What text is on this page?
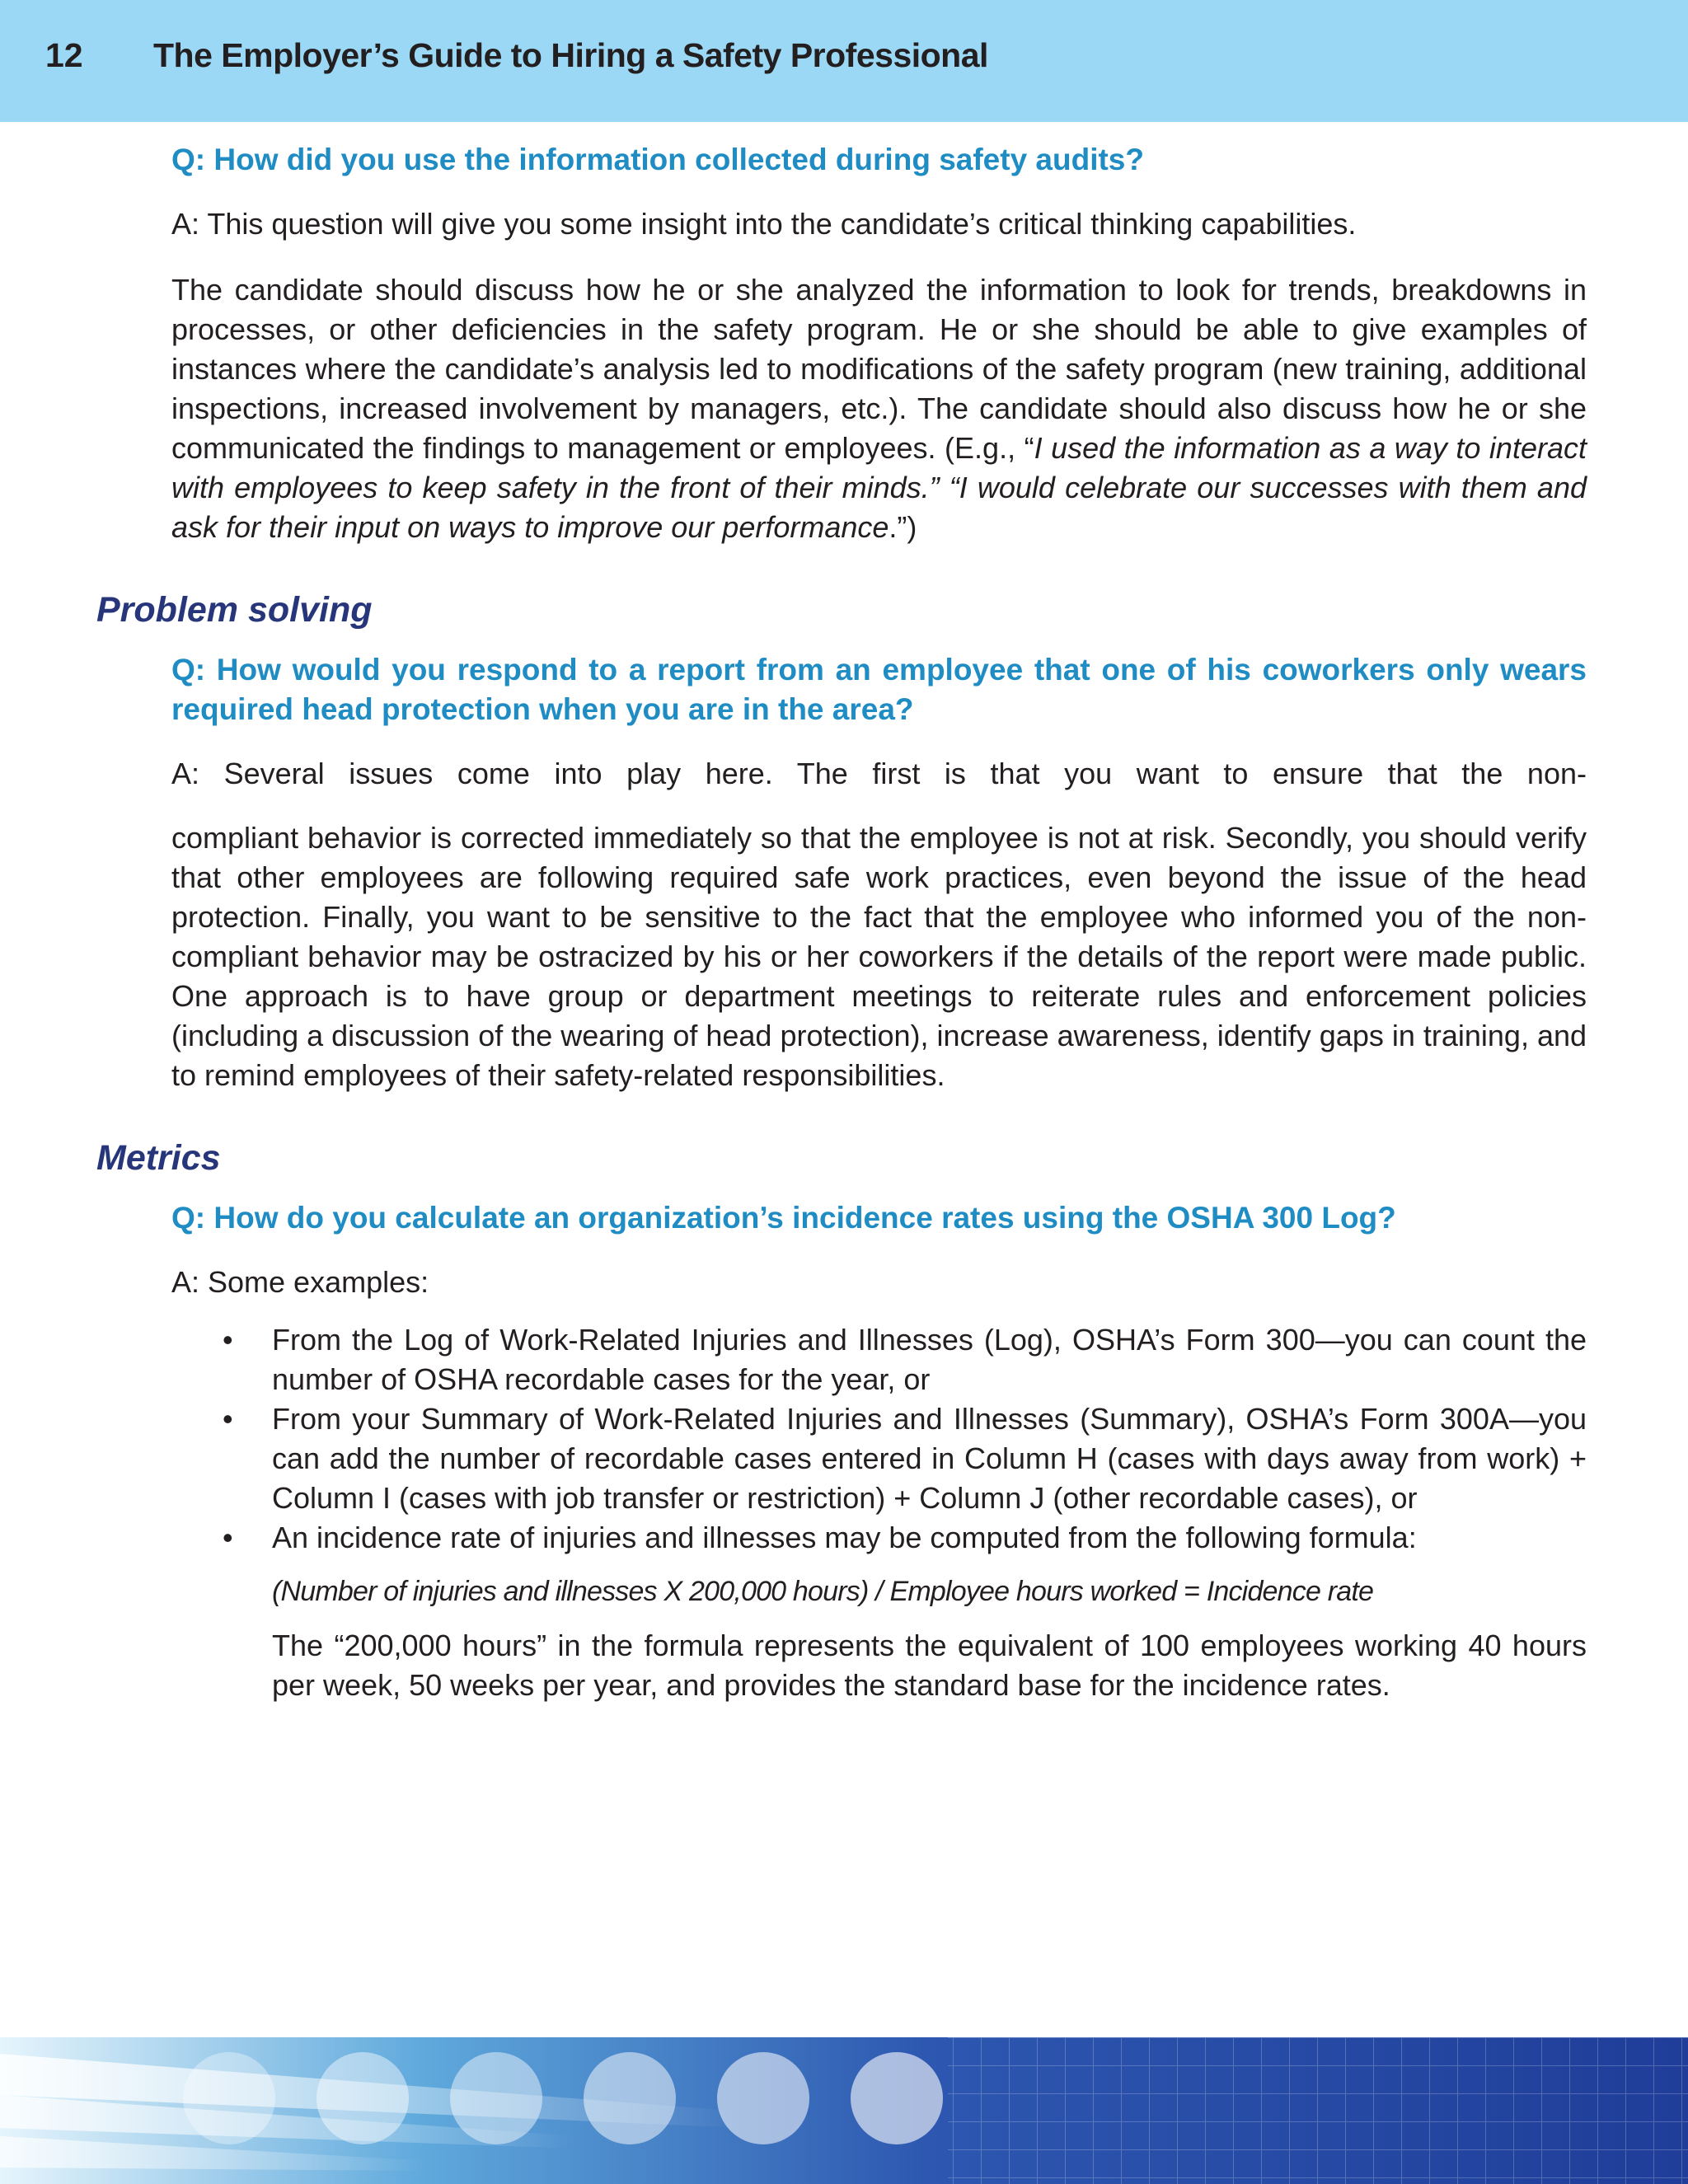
12 The Employer’s Guide to Hiring a Safety Professional

Q: How did you use the information collected during safety audits?

A: This question will give you some insight into the candidate’s critical thinking capabilities.

The candidate should discuss how he or she analyzed the information to look for trends, breakdowns in processes, or other deficiencies in the safety program. He or she should be able to give examples of instances where the candidate’s analysis led to modifications of the safety program (new training, additional inspections, increased involvement by managers, etc.). The candidate should also discuss how he or she communicated the findings to management or employees. (E.g., “I used the information as a way to interact with employees to keep safety in the front of their minds.” “I would celebrate our successes with them and ask for their input on ways to improve our performance.”)

Problem solving

Q: How would you respond to a report from an employee that one of his coworkers only wears required head protection when you are in the area?

A: Several issues come into play here. The first is that you want to ensure that the non-

compliant behavior is corrected immediately so that the employee is not at risk. Secondly, you should verify that other employees are following required safe work practices, even beyond the issue of the head protection. Finally, you want to be sensitive to the fact that the employee who informed you of the non-compliant behavior may be ostracized by his or her coworkers if the details of the report were made public. One approach is to have group or department meetings to reiterate rules and enforcement policies (including a discussion of the wearing of head protection), increase awareness, identify gaps in training, and to remind employees of their safety-related responsibilities.

Metrics

Q: How do you calculate an organization’s incidence rates using the OSHA 300 Log?

A: Some examples:

• From the Log of Work-Related Injuries and Illnesses (Log), OSHA’s Form 300—you can count the number of OSHA recordable cases for the year, or
• From your Summary of Work-Related Injuries and Illnesses (Summary), OSHA’s Form 300A—you can add the number of recordable cases entered in Column H (cases with days away from work) + Column I (cases with job transfer or restriction) + Column J (other recordable cases), or
• An incidence rate of injuries and illnesses may be computed from the following formula:

(Number of injuries and illnesses X 200,000 hours) / Employee hours worked = Incidence rate

The “200,000 hours” in the formula represents the equivalent of 100 employees working 40 hours per week, 50 weeks per year, and provides the standard base for the incidence rates.
